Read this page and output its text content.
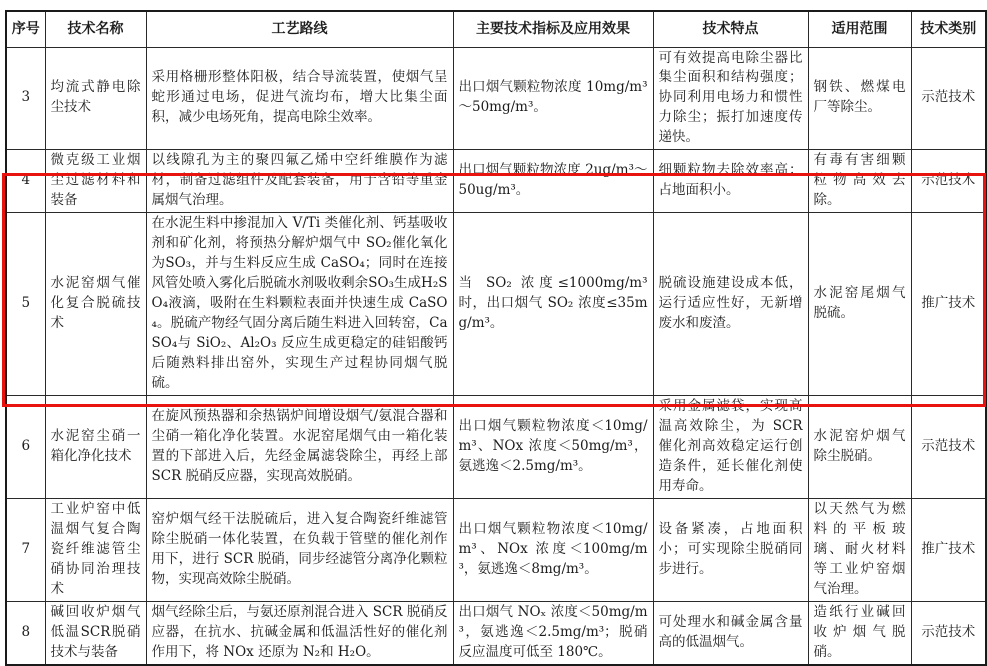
序号	技术名称	工艺路线	主要技术指标及应用效果	技术特点	适用范围	技术类别
3	均流式静电除尘技术	采用格栅形整体阳极，结合导流装置，使烟气呈蛇形通过电场，促进气流均布，增大比集尘面积，减少电场死角，提高电除尘效率。	出口烟气颗粒物浓度 10mg/m³～50mg/m³。	可有效提高电除尘器比集尘面积和结构强度；协同利用电场力和惯性力除尘；振打加速度传递快。	钢铁、燃煤电厂等除尘。	示范技术
4	微克级工业烟尘过滤材料和装备	以线隙孔为主的聚四氟乙烯中空纤维膜作为滤材，制备过滤组件及配套装备，用于含铅等重金属烟气治理。	出口烟气颗粒物浓度 2ug/m³～50ug/m³。	细颗粒物去除效率高；占地面积小。	有毒有害细颗粒物高效去除。	示范技术
5	水泥窑烟气催化复合脱硫技术	在水泥生料中掺混加入 V/Ti 类催化剂、钙基吸收剂和矿化剂，将预热分解炉烟气中 SO₂催化氧化为SO₃，并与生料反应生成 CaSO₄；同时在连接风管处喷入雾化后脱硫水剂吸收剩余SO₃生成H₂SO₄液滴，吸附在生料颗粒表面并快速生成 CaSO₄。脱硫产物经气固分离后随生料进入回转窑，CaSO₄与 SiO₂、Al₂O₃ 反应生成更稳定的硅铝酸钙后随熟料排出窑外，实现生产过程协同烟气脱硫。	当 SO₂ 浓度≤1000mg/m³ 时，出口烟气 SO₂ 浓度≤35mg/m³。	脱硫设施建设成本低，运行适应性好，无新增废水和废渣。	水泥窑尾烟气脱硫。	推广技术
6	水泥窑尘硝一箱化净化技术	在旋风预热器和余热锅炉间增设烟气/氨混合器和尘硝一箱化净化装置。水泥窑尾烟气由一箱化装置的下部进入后，先经金属滤袋除尘，再经上部 SCR 脱硝反应器，实现高效脱硝。	出口烟气颗粒物浓度＜10mg/m³、NOx 浓度＜50mg/m³，氨逃逸＜2.5mg/m³。	采用金属滤袋，实现高温高效除尘，为 SCR 催化剂高效稳定运行创造条件，延长催化剂使用寿命。	水泥窑炉烟气除尘脱硝。	示范技术
7	工业炉窑中低温烟气复合陶瓷纤维滤管尘硝协同治理技术	窑炉烟气经干法脱硫后，进入复合陶瓷纤维滤管除尘脱硝一体化装置，在负载于管壁的催化剂作用下，进行 SCR 脱硝，同步经滤管分离净化颗粒物，实现高效除尘脱硝。	出口烟气颗粒物浓度＜10mg/m³、NOx 浓度＜100mg/m³，氨逃逸＜8mg/m³。	设备紧凑，占地面积小；可实现除尘脱硝同步进行。	以天然气为燃料的平板玻璃、耐火材料等工业炉窑烟气治理。	推广技术
8	碱回收炉烟气低温SCR脱硝技术与装备	烟气经除尘后，与氨还原剂混合进入 SCR 脱硝反应器，在抗水、抗碱金属和低温活性好的催化剂作用下，将 NOx 还原为 N₂和 H₂O。	出口烟气 NOₓ 浓度＜50mg/m³，氨逃逸＜2.5mg/m³；脱硝反应温度可低至 180℃。	可处理水和碱金属含量高的低温烟气。	造纸行业碱回收炉烟气脱硝。	示范技术
